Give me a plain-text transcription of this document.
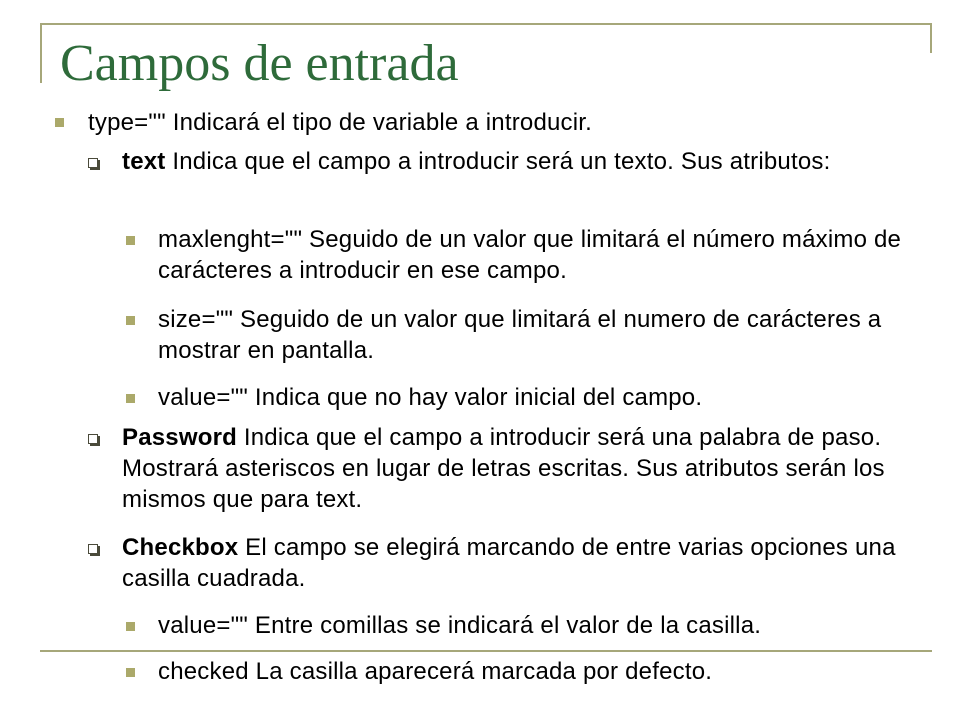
Campos de entrada
type="" Indicará el tipo de variable a introducir.
text Indica que el campo a introducir será un texto. Sus atributos:
maxlenght="" Seguido de un valor que limitará el número máximo de carácteres a introducir en ese campo.
size="" Seguido de un valor que limitará el numero de carácteres a mostrar en pantalla.
value="" Indica que no hay valor inicial del campo.
Password Indica que el campo a introducir será una palabra de paso. Mostrará asteriscos en lugar de letras escritas. Sus atributos serán los mismos que para text.
Checkbox El campo se elegirá marcando de entre varias opciones una casilla cuadrada.
value="" Entre comillas se indicará el valor de la casilla.
checked La casilla aparecerá marcada por defecto.
